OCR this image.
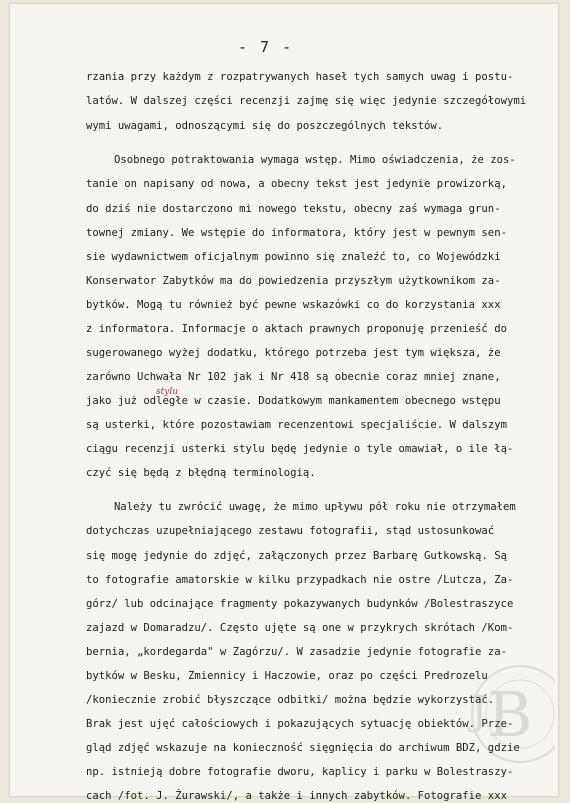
- 7 -
rzania przy każdym z rozpatrywanych haseł tych samych uwag i postu-
latów. W dalszej części recenzji zajmę się więc jedynie szczegółowymi
wymi uwagami, odnoszącymi się do poszczególnych tekstów.
Osobnego potraktowania wymaga wstęp. Mimo oświadczenia, że zos-
tanie on napisany od nowa, a obecny tekst jest jedynie prowizorką,
do dziś nie dostarczono mi nowego tekstu, obecny zaś wymaga grun-
townej zmiany. We wstępie do informatora, który jest w pewnym sen-
sie wydawnictwem oficjalnym powinno się znaleźć to, co Wojewódzki
Konserwator Zabytków ma do powiedzenia przyszłym użytkownikom za-
bytków. Mogą tu również być pewne wskazówki co do korzystania xxx
z informatora. Informacje o aktach prawnych proponuję przenieść do
sugerowanego wyżej dodatku, którego potrzeba jest tym większa, że
zarówno Uchwała Nr 102 jak i Nr 418 są obecnie coraz mniej znane,
jako już odległe w czasie. Dodatkowym mankamentem obecnego wstępu
są usterki, które pozostawiam recenzentowi specjaliście. W dalszym
ciągu recenzji usterki stylu będę jedynie o tyle omawiał, o ile łą-
czyć się będą z błędną terminologią.
Należy tu zwrócić uwagę, że mimo upływu pół roku nie otrzymałem
dotychczas uzupełniającego zestawu fotografii, stąd ustosunkować
się mogę jedynie do zdjęć, załączonych przez Barbarę Gutkowską. Są
to fotografie amatorskie w kilku przypadkach nie ostre /Lutcza, Za-
górz/ lub odcinające fragmenty pokazywanych budynków /Bolestraszyce
zajazd w Domaradzu/. Często ujęte są one w przykrych skrótach /Kom-
bernia, „kordegarda" w Zagórzu/. W zasadzie jedynie fotografie za-
bytków w Besku, Zmiennicy i Haczowie, oraz po części Predrozelu
/koniecznie zrobić błyszczące odbitki/ można będzie wykorzystać.
Brak jest ujęć całościowych i pokazujących sytuację obiektów. Prze-
gląd zdjęć wskazuje na konieczność sięgnięcia do archiwum BDZ, gdzie
np. istnieją dobre fotografie dworu, kaplicy i parku w Bolestraszy-
cach /fot. J. Żurawski/, a także i innych zabytków. Fotografie xxx
stylu
B
J
